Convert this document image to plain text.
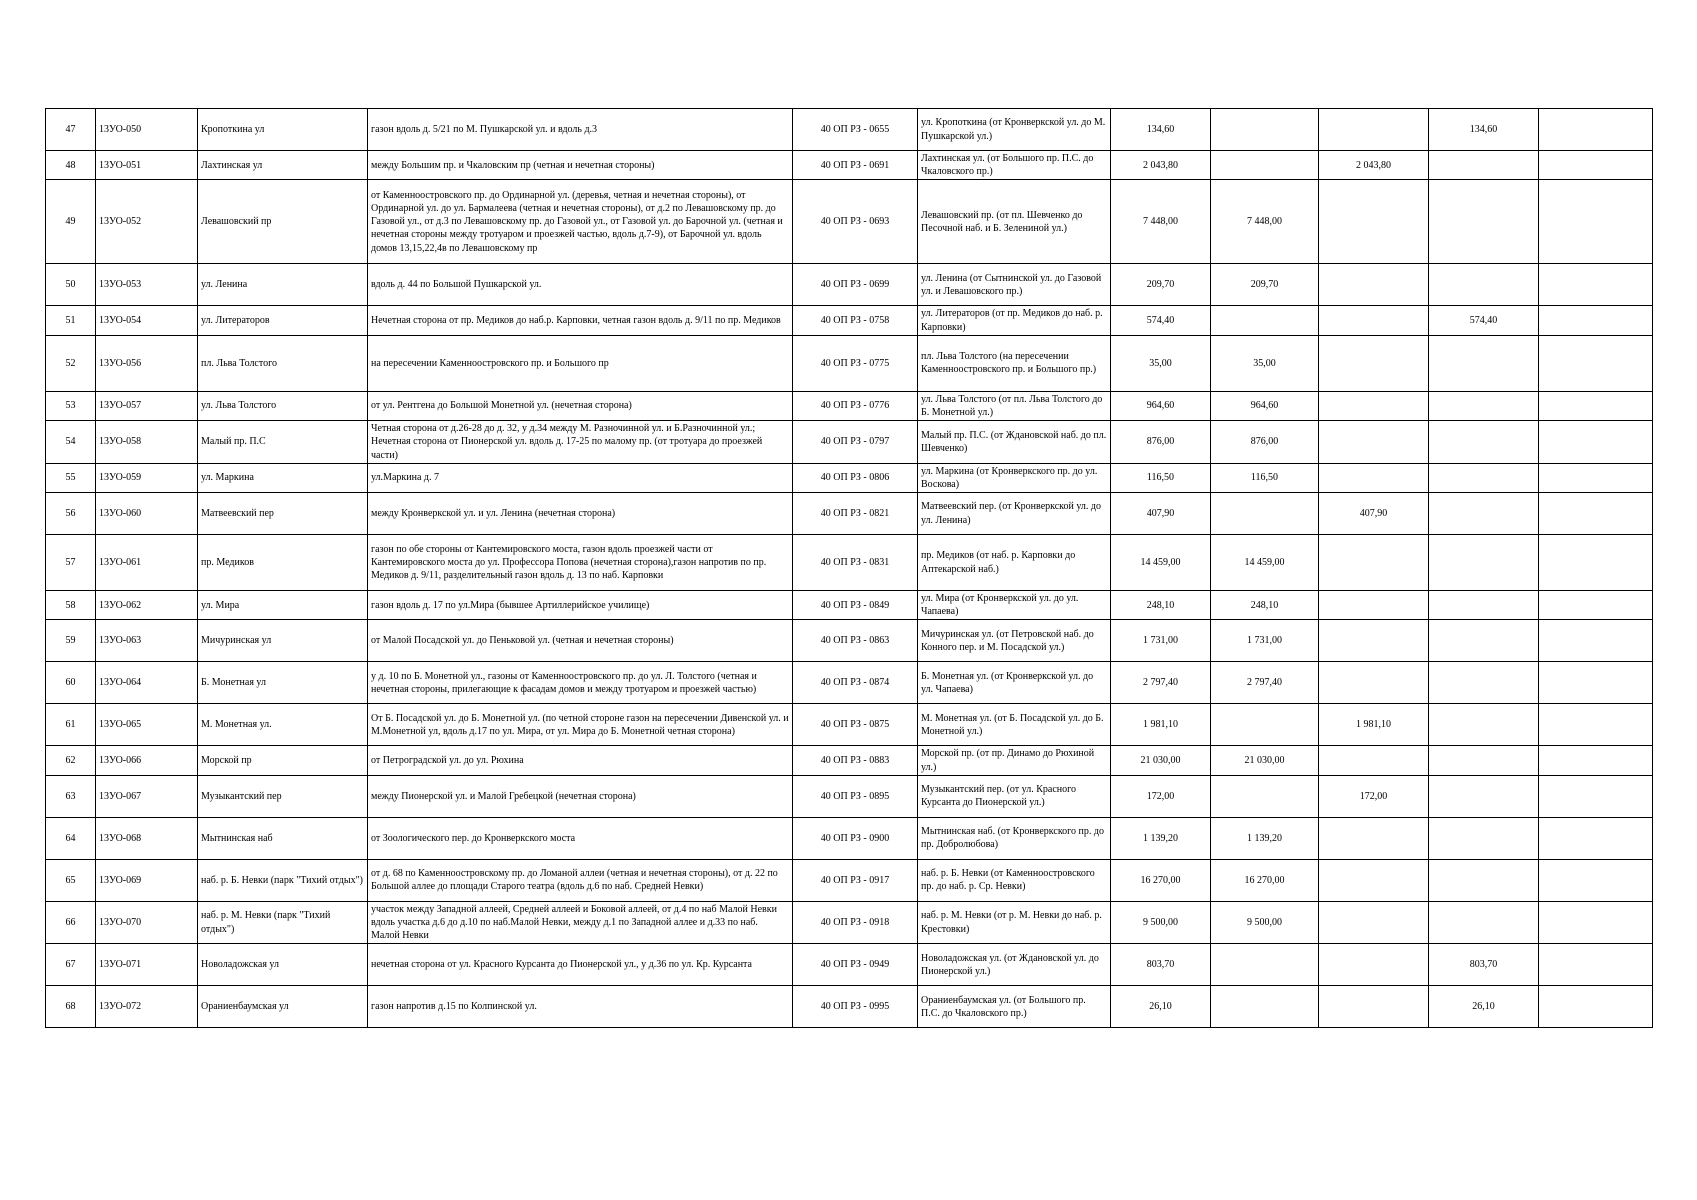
47	13УО-050	Кропоткина ул	газон вдоль д. 5/21 по М. Пушкарской ул. и вдоль д.3	40 ОП РЗ - 0655	ул. Кропоткина (от Кронверкской ул. до М. Пушкарской ул.)	134,60			134,60	
48	13УО-051	Лахтинская ул	между Большим пр. и Чкаловским пр (четная и нечетная стороны)	40 ОП РЗ - 0691	Лахтинская ул. (от Большого пр. П.С. до Чкаловского пр.)	2 043,80		2 043,80		
49	13УО-052	Левашовский пр	от Каменноостровского пр. до Ординарной ул. (деревья, четная и нечетная стороны), от Ординарной ул. до ул. Бармалеева (четная и нечетная стороны), от д.2 по Левашовскому пр. до Газовой ул., от д.3 по Левашовскому пр. до Газовой ул., от Газовой ул. до Барочной ул. (четная и нечетная стороны между тротуаром и проезжей частью, вдоль д.7-9), от Барочной ул. вдоль домов 13,15,22,4в по Левашовскому пр	40 ОП РЗ - 0693	Левашовский пр. (от пл. Шевченко до Песочной наб. и Б. Зелениной ул.)	7 448,00	7 448,00			
50	13УО-053	ул. Ленина	вдоль д. 44 по Большой Пушкарской ул.	40 ОП РЗ - 0699	ул. Ленина (от Сытнинской ул. до Газовой ул. и Левашовского пр.)	209,70	209,70			
51	13УО-054	ул. Литераторов	Нечетная сторона от пр. Медиков до наб.р. Карповки, четная газон вдоль д. 9/11 по пр. Медиков	40 ОП РЗ - 0758	ул. Литераторов (от пр. Медиков до наб. р. Карповки)	574,40			574,40	
52	13УО-056	пл. Льва Толстого	на пересечении Каменноостровского пр. и Большого пр	40 ОП РЗ - 0775	пл. Льва Толстого (на пересечении Каменноостровского пр. и Большого пр.)	35,00	35,00			
53	13УО-057	ул. Льва Толстого	от ул. Рентгена до Большой Монетной ул. (нечетная сторона)	40 ОП РЗ - 0776	ул. Льва Толстого (от пл. Льва Толстого до Б. Монетной ул.)	964,60	964,60			
54	13УО-058	Малый пр. П.С	Четная сторона от д.26-28 до д. 32, у д.34 между М. Разночинной ул. и Б.Разночинной ул.; Нечетная сторона от Пионерской ул. вдоль д. 17-25 по малому пр. (от тротуара до проезжей части)	40 ОП РЗ - 0797	Малый пр. П.С. (от Ждановской наб. до пл. Шевченко)	876,00	876,00			
55	13УО-059	ул. Маркина	ул.Маркина д. 7	40 ОП РЗ - 0806	ул. Маркина (от Кронверкского пр. до ул. Воскова)	116,50	116,50			
56	13УО-060	Матвеевский пер	между Кронверкской ул. и ул. Ленина (нечетная сторона)	40 ОП РЗ - 0821	Матвеевский пер. (от Кронверкской ул. до ул. Ленина)	407,90		407,90		
57	13УО-061	пр. Медиков	газон по обе стороны от Кантемировского моста, газон вдоль проезжей части от Кантемировского моста до ул. Профессора Попова (нечетная сторона),газон напротив по пр. Медиков д. 9/11, разделительный газон вдоль д. 13 по наб. Карповки	40 ОП РЗ - 0831	пр. Медиков (от наб. р. Карповки до Аптекарской наб.)	14 459,00	14 459,00			
58	13УО-062	ул. Мира	газон вдоль д. 17 по ул.Мира (бывшее Артиллерийское училище)	40 ОП РЗ - 0849	ул. Мира (от Кронверкской ул. до ул. Чапаева)	248,10	248,10			
59	13УО-063	Мичуринская ул	от Малой Посадской ул. до Пеньковой ул. (четная и нечетная стороны)	40 ОП РЗ - 0863	Мичуринская ул. (от Петровской наб. до Конного пер. и М. Посадской ул.)	1 731,00	1 731,00			
60	13УО-064	Б. Монетная ул	у д. 10 по Б. Монетной ул., газоны от Каменноостровского пр. до ул. Л. Толстого (четная и нечетная стороны, прилегающие к фасадам домов и между тротуаром и проезжей частью)	40 ОП РЗ - 0874	Б. Монетная ул. (от Кронверкской ул. до ул. Чапаева)	2 797,40	2 797,40			
61	13УО-065	М. Монетная ул.	От Б. Посадской ул. до Б. Монетной ул. (по четной стороне газон на пересечении Дивенской ул. и М.Монетной ул, вдоль д.17 по ул. Мира, от ул. Мира до Б. Монетной четная сторона)	40 ОП РЗ - 0875	М. Монетная ул. (от Б. Посадской ул. до Б. Монетной ул.)	1 981,10		1 981,10		
62	13УО-066	Морской пр	от Петроградской ул. до ул. Рюхина	40 ОП РЗ - 0883	Морской пр. (от пр. Динамо до Рюхиной ул.)	21 030,00	21 030,00			
63	13УО-067	Музыкантский пер	между Пионерской ул. и Малой Гребецкой (нечетная сторона)	40 ОП РЗ - 0895	Музыкантский пер. (от ул. Красного Курсанта до Пионерской ул.)	172,00		172,00		
64	13УО-068	Мытнинская наб	от Зоологического пер. до Кронверкского моста	40 ОП РЗ - 0900	Мытнинская наб. (от Кронверкского пр. до пр. Добролюбова)	1 139,20	1 139,20			
65	13УО-069	наб. р. Б. Невки (парк "Тихий отдых")	от д. 68 по Каменноостровскому пр. до Ломаной аллеи (четная и нечетная стороны), от д. 22 по Большой аллее до площади Старого театра (вдоль д.6 по наб. Средней Невки)	40 ОП РЗ - 0917	наб. р. Б. Невки (от Каменноостровского пр. до наб. р. Ср. Невки)	16 270,00	16 270,00			
66	13УО-070	наб. р. М. Невки (парк "Тихий отдых")	участок между Западной аллеей, Средней аллеей и Боковой аллеей, от д.4 по наб Малой Невки вдоль участка д.6 до д.10 по наб.Малой Невки, между д.1 по Западной аллее и д.33 по наб. Малой Невки	40 ОП РЗ - 0918	наб. р. М. Невки (от р. М. Невки до наб. р. Крестовки)	9 500,00	9 500,00			
67	13УО-071	Новоладожская ул	нечетная сторона от ул. Красного Курсанта до Пионерской ул., у д.36 по ул. Кр. Курсанта	40 ОП РЗ - 0949	Новоладожская ул. (от Ждановской ул. до Пионерской ул.)	803,70			803,70	
68	13УО-072	Ораниенбаумская ул	газон напротив д.15 по Колпинской ул.	40 ОП РЗ - 0995	Ораниенбаумская ул. (от Большого пр. П.С. до Чкаловского пр.)	26,10			26,10	
